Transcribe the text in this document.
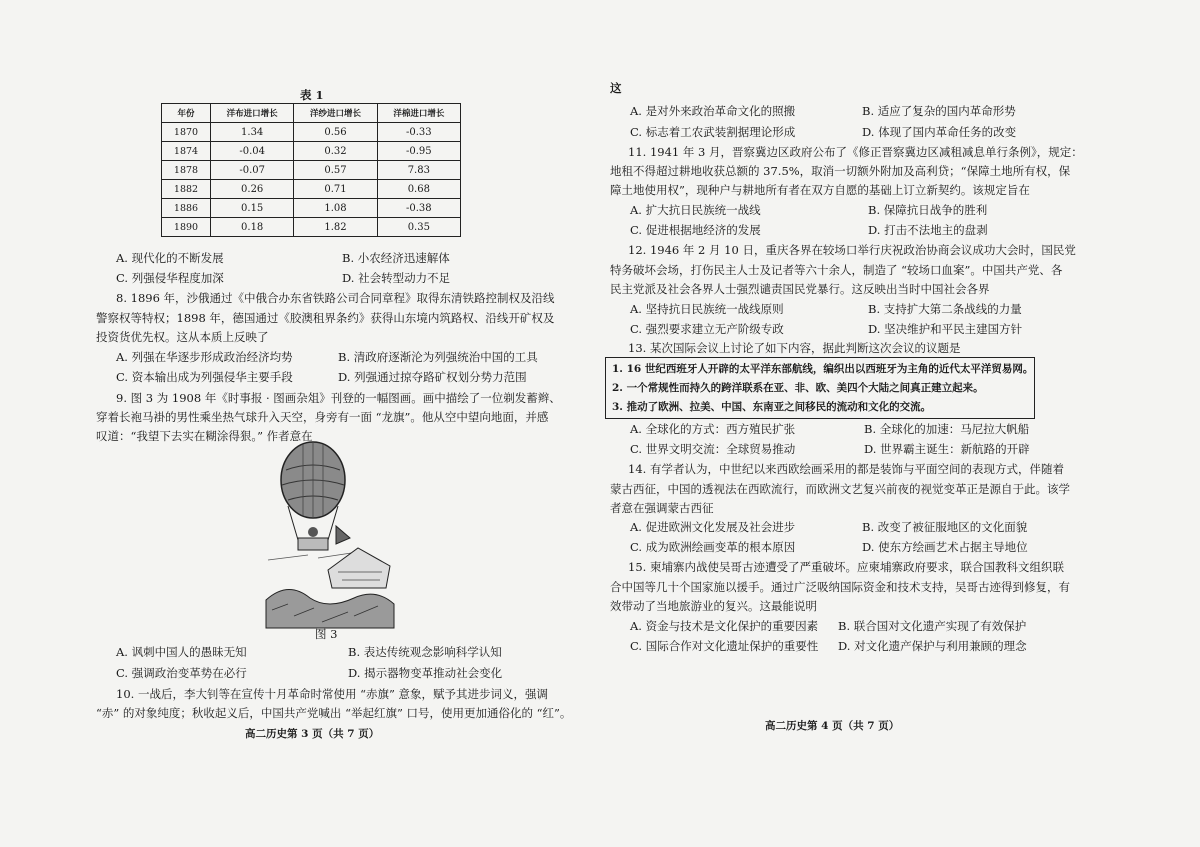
表 1
年份	洋布进口增长	洋纱进口增长	洋棉进口增长
1870	1.34	0.56	-0.33
1874	-0.04	0.32	-0.95
1878	-0.07	0.57	7.83
1882	0.26	0.71	0.68
1886	0.15	1.08	-0.38
1890	0.18	1.82	0.35
A. 现代化的不断发展	B. 小农经济迅速解体
C. 列强侵华程度加深	D. 社会转型动力不足
8. 1896 年，沙俄通过《中俄合办东省铁路公司合同章程》取得东清铁路控制权及沿线
警察权等特权；1898 年，德国通过《胶澳租界条约》获得山东境内筑路权、沿线开矿权及
投资货优先权。这从本质上反映了
A. 列强在华逐步形成政治经济均势	B. 清政府逐渐沦为列强统治中国的工具
C. 资本输出成为列强侵华主要手段	D. 列强通过掠夺路矿权划分势力范围
9. 图 3 为 1908 年《时事报 · 图画杂俎》刊登的一幅图画。画中描绘了一位剃发蓄辫、
穿着长袍马褂的男性乘坐热气球升入天空，身旁有一面 “龙旗”。他从空中望向地面，并感
叹道：“我望下去实在糊涂得狠。” 作者意在
图 3
A. 讽刺中国人的愚昧无知	B. 表达传统观念影响科学认知
C. 强调政治变革势在必行	D. 揭示器物变革推动社会变化
10. 一战后，李大钊等在宣传十月革命时常使用 “赤旗” 意象，赋予其进步词义，强调
“赤” 的对象纯度；秋收起义后，中国共产党喊出 “举起红旗” 口号，使用更加通俗化的 “红”。
高二历史第 3 页（共 7 页）
这
A. 是对外来政治革命文化的照搬	B. 适应了复杂的国内革命形势
C. 标志着工农武装割据理论形成	D. 体现了国内革命任务的改变
11. 1941 年 3 月，晋察冀边区政府公布了《修正晋察冀边区减租减息单行条例》，规定：
地租不得超过耕地收获总额的 37.5%，取消一切额外附加及高利贷；“保障土地所有权，保
障土地使用权”，现种户与耕地所有者在双方自愿的基础上订立新契约。该规定旨在
A. 扩大抗日民族统一战线	B. 保障抗日战争的胜利
C. 促进根据地经济的发展	D. 打击不法地主的盘剥
12. 1946 年 2 月 10 日，重庆各界在较场口举行庆祝政治协商会议成功大会时，国民党
特务破坏会场，打伤民主人士及记者等六十余人，制造了 “较场口血案”。中国共产党、各
民主党派及社会各界人士强烈谴责国民党暴行。这反映出当时中国社会各界
A. 坚持抗日民族统一战线原则	B. 支持扩大第二条战线的力量
C. 强烈要求建立无产阶级专政	D. 坚决维护和平民主建国方针
13. 某次国际会议上讨论了如下内容，据此判断这次会议的议题是
1. 16 世纪西班牙人开辟的太平洋东部航线，编织出以西班牙为主角的近代太平洋贸易网。
2. 一个常规性而持久的跨洋联系在亚、非、欧、美四个大陆之间真正建立起来。
3. 推动了欧洲、拉美、中国、东南亚之间移民的流动和文化的交流。
A. 全球化的方式：西方殖民扩张	B. 全球化的加速：马尼拉大帆船
C. 世界文明交流：全球贸易推动	D. 世界霸主诞生：新航路的开辟
14. 有学者认为，中世纪以来西欧绘画采用的都是装饰与平面空间的表现方式，伴随着
蒙古西征，中国的透视法在西欧流行，而欧洲文艺复兴前夜的视觉变革正是源自于此。该学
者意在强调蒙古西征
A. 促进欧洲文化发展及社会进步	B. 改变了被征服地区的文化面貌
C. 成为欧洲绘画变革的根本原因	D. 使东方绘画艺术占据主导地位
15. 柬埔寨内战使吴哥古迹遭受了严重破坏。应柬埔寨政府要求，联合国教科文组织联
合中国等几十个国家施以援手。通过广泛吸纳国际资金和技术支持，吴哥古迹得到修复，有
效带动了当地旅游业的复兴。这最能说明
A. 资金与技术是文化保护的重要因素 B. 联合国对文化遗产实现了有效保护
C. 国际合作对文化遗址保护的重要性 D. 对文化遗产保护与利用兼顾的理念
高二历史第 4 页（共 7 页）
